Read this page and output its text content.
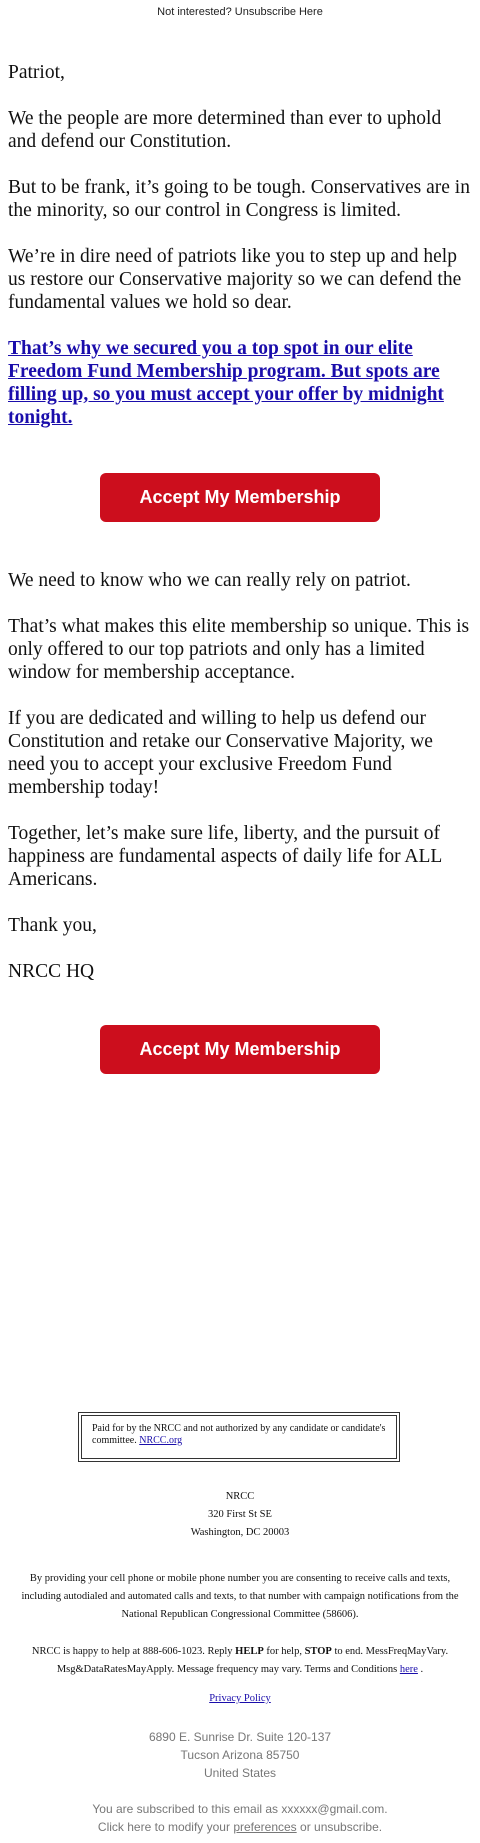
Not interested? Unsubscribe Here

Patriot,

We the people are more determined than ever to uphold and defend our Constitution.

But to be frank, it’s going to be tough. Conservatives are in the minority, so our control in Congress is limited.

We’re in dire need of patriots like you to step up and help us restore our Conservative majority so we can defend the fundamental values we hold so dear.

That’s why we secured you a top spot in our elite Freedom Fund Membership program. But spots are filling up, so you must accept your offer by midnight tonight.

Accept My Membership

We need to know who we can really rely on patriot.

That’s what makes this elite membership so unique. This is only offered to our top patriots and only has a limited window for membership acceptance.

If you are dedicated and willing to help us defend our Constitution and retake our Conservative Majority, we need you to accept your exclusive Freedom Fund membership today!

Together, let’s make sure life, liberty, and the pursuit of happiness are fundamental aspects of daily life for ALL Americans.

Thank you,

NRCC HQ

Accept My Membership
Paid for by the NRCC and not authorized by any candidate or candidate's committee. NRCC.org
NRCC
320 First St SE
Washington, DC 20003
By providing your cell phone or mobile phone number you are consenting to receive calls and texts, including autodialed and automated calls and texts, to that number with campaign notifications from the National Republican Congressional Committee (58606).
NRCC is happy to help at 888-606-1023. Reply HELP for help, STOP to end. MessFreqMayVary. Msg&DataRatesMayApply. Message frequency may vary. Terms and Conditions here .
Privacy Policy
6890 E. Sunrise Dr. Suite 120-137
Tucson Arizona 85750
United States
You are subscribed to this email as xxxxxx@gmail.com.
Click here to modify your preferences or unsubscribe.
